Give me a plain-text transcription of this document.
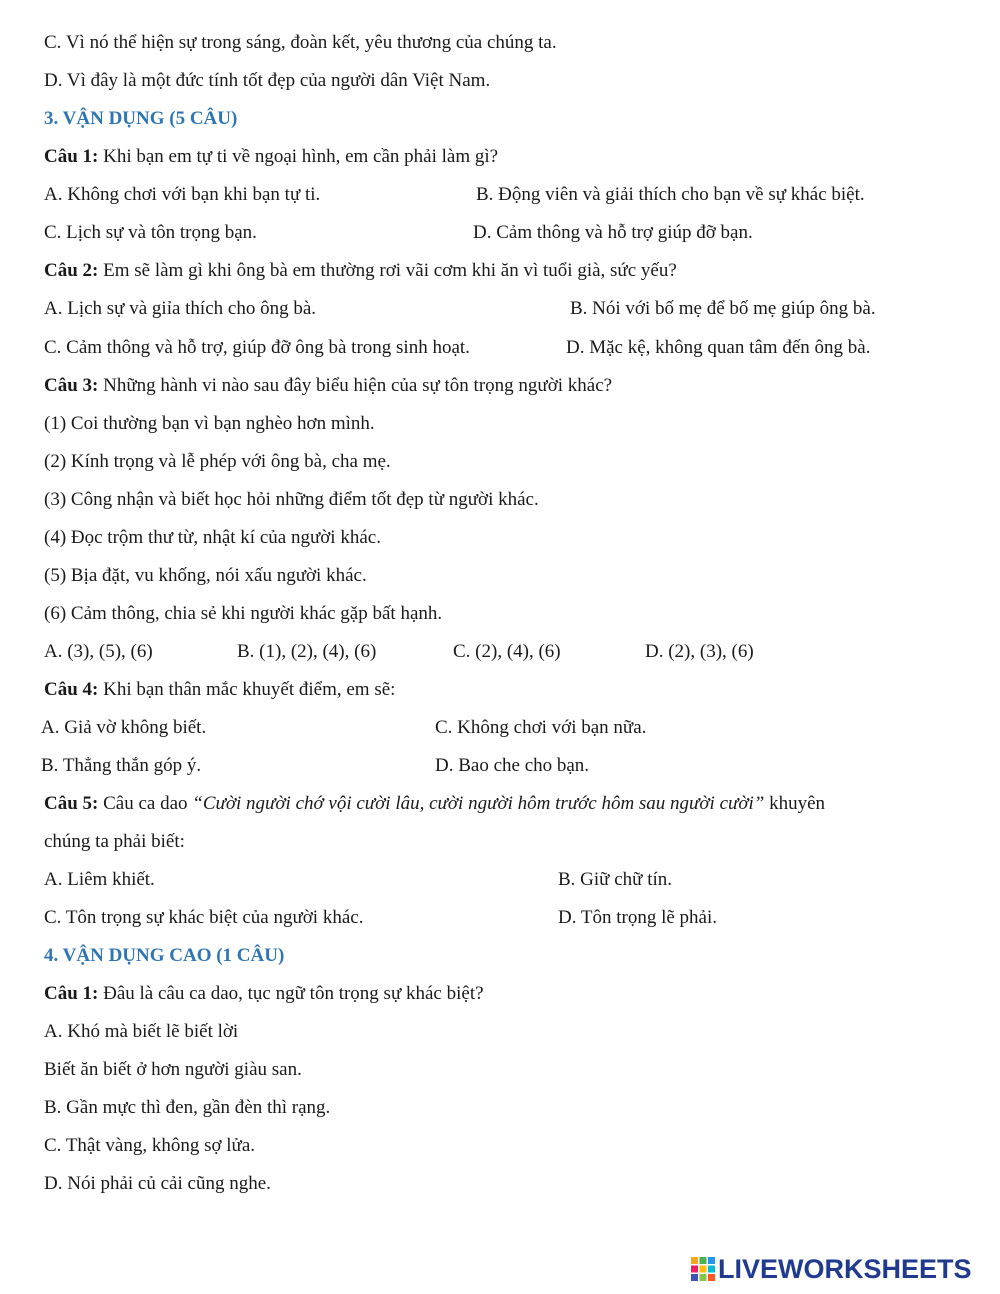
C. Vì nó thể hiện sự trong sáng, đoàn kết, yêu thương của chúng ta.
D. Vì đây là một đức tính tốt đẹp của người dân Việt Nam.
3. VẬN DỤNG (5 CÂU)
Câu 1: Khi bạn em tự ti về ngoại hình, em cần phải làm gì?
A. Không chơi với bạn khi bạn tự ti.	B. Động viên và giải thích cho bạn về sự khác biệt.
C. Lịch sự và tôn trọng bạn.	D. Cảm thông và hỗ trợ giúp đỡ bạn.
Câu 2: Em sẽ làm gì khi ông bà em thường rơi vãi cơm khi ăn vì tuổi già, sức yếu?
A. Lịch sự và giỉa thích cho ông bà.	B. Nói với bố mẹ để bố mẹ giúp ông bà.
C. Cảm thông và hỗ trợ, giúp đỡ ông bà trong sinh hoạt.	D. Mặc kệ, không quan tâm đến ông bà.
Câu 3: Những hành vi nào sau đây biểu hiện của sự tôn trọng người khác?
(1) Coi thường bạn vì bạn nghèo hơn mình.
(2) Kính trọng và lễ phép với ông bà, cha mẹ.
(3) Công nhận và biết học hỏi những điểm tốt đẹp từ người khác.
(4) Đọc trộm thư từ, nhật kí của người khác.
(5) Bịa đặt, vu khống, nói xấu người khác.
(6) Cảm thông, chia sẻ khi người khác gặp bất hạnh.
A. (3), (5), (6)	B. (1), (2), (4), (6)	C. (2), (4), (6)	D. (2), (3), (6)
Câu 4: Khi bạn thân mắc khuyết điểm, em sẽ:
A. Giả vờ không biết.	C. Không chơi với bạn nữa.
B. Thẳng thắn góp ý.	D. Bao che cho bạn.
Câu 5: Câu ca dao “Cười người chớ vội cười lâu, cười người hôm trước hôm sau người cười” khuyên
chúng ta phải biết:
A. Liêm khiết.	B. Giữ chữ tín.
C. Tôn trọng sự khác biệt của người khác.	D. Tôn trọng lẽ phải.
4. VẬN DỤNG CAO (1 CÂU)
Câu 1: Đâu là câu ca dao, tục ngữ tôn trọng sự khác biệt?
A. Khó mà biết lẽ biết lời
Biết ăn biết ở hơn người giàu san.
B. Gần mực thì đen, gần đèn thì rạng.
C. Thật vàng, không sợ lửa.
D. Nói phải củ cải cũng nghe.
LIVEWORKSHEETS
